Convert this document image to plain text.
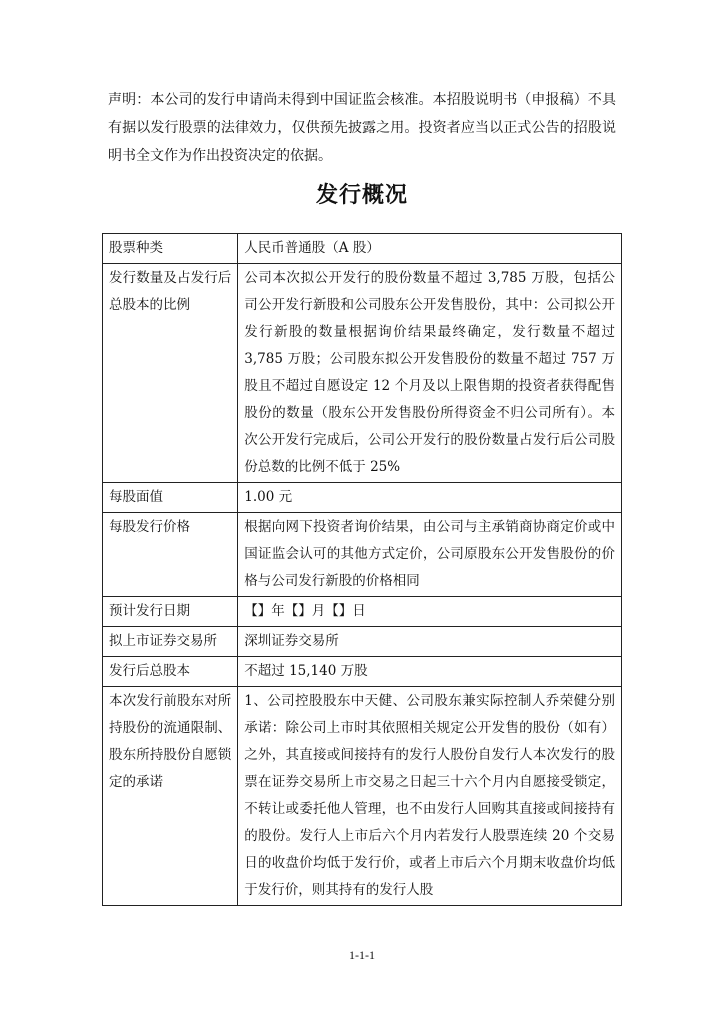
声明：本公司的发行申请尚未得到中国证监会核准。本招股说明书（申报稿）不具有据以发行股票的法律效力，仅供预先披露之用。投资者应当以正式公告的招股说明书全文作为作出投资决定的依据。

发行概况
股票种类	人民币普通股（A 股）
发行数量及占发行后总股本的比例	公司本次拟公开发行的股份数量不超过 3,785 万股，包括公司公开发行新股和公司股东公开发售股份，其中：公司拟公开发行新股的数量根据询价结果最终确定，发行数量不超过 3,785 万股；公司股东拟公开发售股份的数量不超过 757 万股且不超过自愿设定 12 个月及以上限售期的投资者获得配售股份的数量（股东公开发售股份所得资金不归公司所有）。本次公开发行完成后，公司公开发行的股份数量占发行后公司股份总数的比例不低于 25%
每股面值	1.00 元
每股发行价格	根据向网下投资者询价结果，由公司与主承销商协商定价或中国证监会认可的其他方式定价，公司原股东公开发售股份的价格与公司发行新股的价格相同
预计发行日期	【】年【】月【】日
拟上市证券交易所	深圳证券交易所
发行后总股本	不超过 15,140 万股
本次发行前股东对所持股份的流通限制、股东所持股份自愿锁定的承诺	1、公司控股股东中天健、公司股东兼实际控制人乔荣健分别承诺：除公司上市时其依照相关规定公开发售的股份（如有）之外，其直接或间接持有的发行人股份自发行人本次发行的股票在证券交易所上市交易之日起三十六个月内自愿接受锁定，不转让或委托他人管理，也不由发行人回购其直接或间接持有的股份。发行人上市后六个月内若发行人股票连续 20 个交易日的收盘价均低于发行价，或者上市后六个月期末收盘价均低于发行价，则其持有的发行人股
1-1-1
